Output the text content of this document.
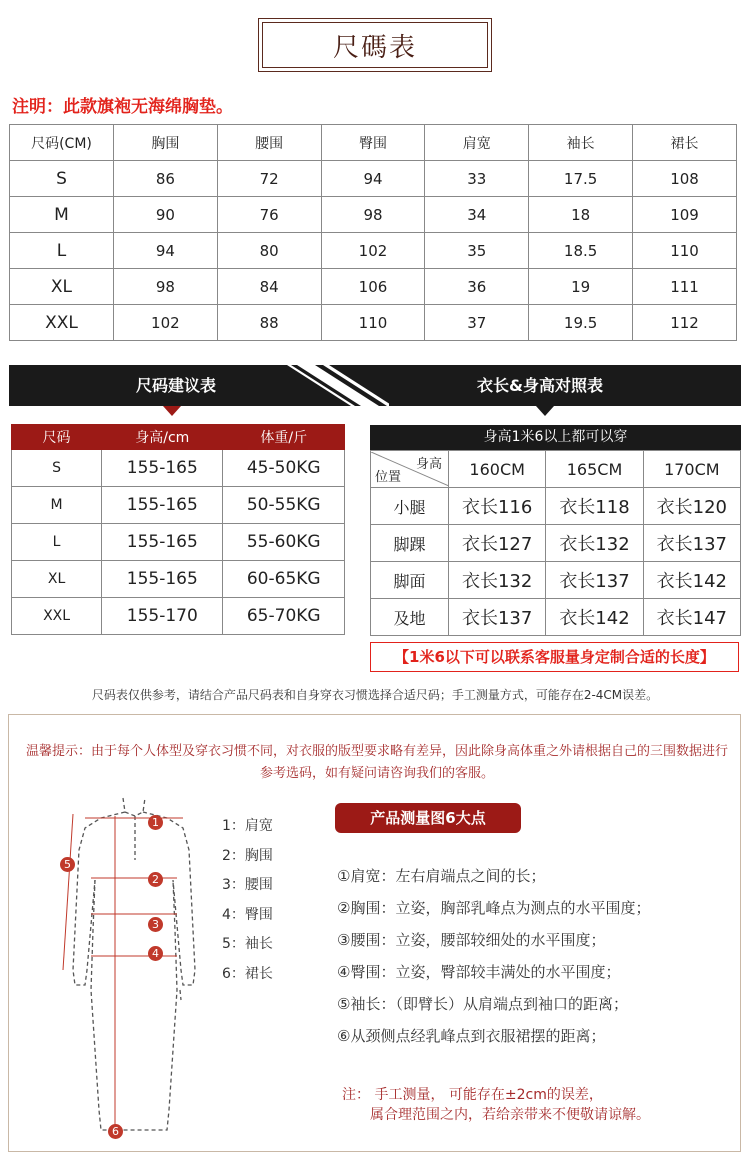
尺碼表
注明：此款旗袍无海绵胸垫。
尺码(CM)	胸围	腰围	臀围	肩宽	袖长	裙长
S	86	72	94	33	17.5	108
M	90	76	98	34	18	109
L	94	80	102	35	18.5	110
XL	98	84	106	36	19	111
XXL	102	88	110	37	19.5	112
尺码建议表	衣长&身高对照表
尺码	身高/cm	体重/斤
S	155-165	45-50KG
M	155-165	50-55KG
L	155-165	55-60KG
XL	155-165	60-65KG
XXL	155-170	65-70KG
身高1米6以上都可以穿
身高
位置	160CM	165CM	170CM
小腿	衣长116	衣长118	衣长120
脚踝	衣长127	衣长132	衣长137
脚面	衣长132	衣长137	衣长142
及地	衣长137	衣长142	衣长147
【1米6以下可以联系客服量身定制合适的长度】
尺码表仅供参考，请结合产品尺码表和自身穿衣习惯选择合适尺码；手工测量方式，可能存在2-4CM误差。
温馨提示：由于每个人体型及穿衣习惯不同，对衣服的版型要求略有差异，因此除身高体重之外请根据自己的三围数据进行参考选码，如有疑问请咨询我们的客服。
1
2
3
4
5
6
1：肩宽
2：胸围
3：腰围
4：臀围
5：袖长
6：裙长
产品测量图6大点
①肩宽：左右肩端点之间的长；
②胸围：立姿，胸部乳峰点为测点的水平围度；
③腰围：立姿，腰部较细处的水平围度；
④臀围：立姿，臀部较丰满处的水平围度；
⑤袖长：（即臂长）从肩端点到袖口的距离；
⑥从颈侧点经乳峰点到衣服裙摆的距离；
注： 手工测量， 可能存在±2cm的误差，
属合理范围之内，若给亲带来不便敬请谅解。
